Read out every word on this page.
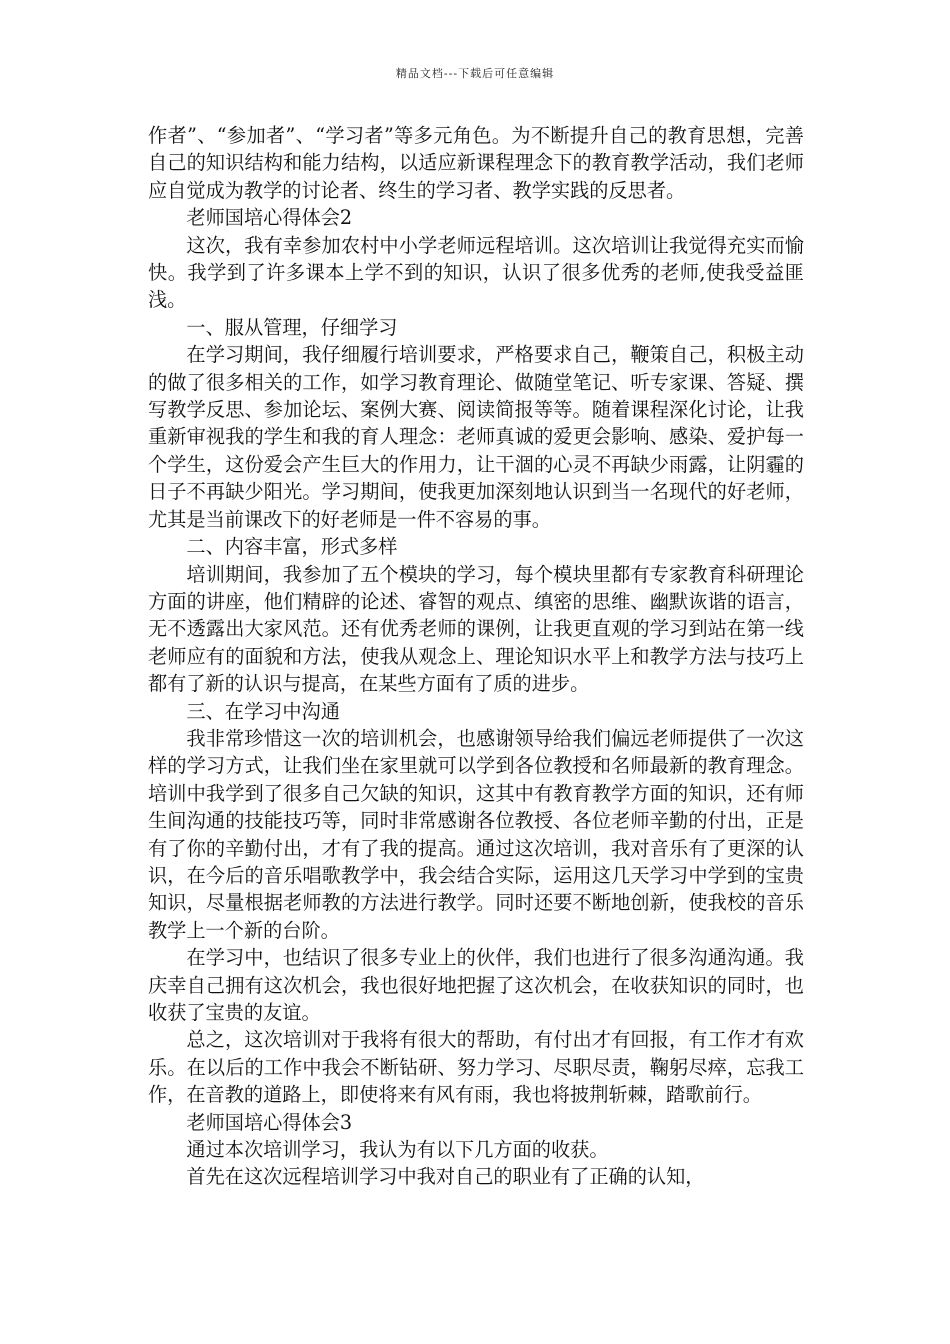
精品文档---下载后可任意编辑

作者”、“参加者”、“学习者”等多元角色。为不断提升自己的教育思想，完善自己的知识结构和能力结构，以适应新课程理念下的教育教学活动，我们老师应自觉成为教学的讨论者、终生的学习者、教学实践的反思者。

老师国培心得体会2

这次，我有幸参加农村中小学老师远程培训。这次培训让我觉得充实而愉快。我学到了许多课本上学不到的知识，认识了很多优秀的老师,使我受益匪浅。

一、服从管理，仔细学习

在学习期间，我仔细履行培训要求，严格要求自己，鞭策自己，积极主动的做了很多相关的工作，如学习教育理论、做随堂笔记、听专家课、答疑、撰写教学反思、参加论坛、案例大赛、阅读简报等等。随着课程深化讨论，让我重新审视我的学生和我的育人理念：老师真诚的爱更会影响、感染、爱护每一个学生，这份爱会产生巨大的作用力，让干涸的心灵不再缺少雨露，让阴霾的日子不再缺少阳光。学习期间，使我更加深刻地认识到当一名现代的好老师，尤其是当前课改下的好老师是一件不容易的事。

二、内容丰富，形式多样

培训期间，我参加了五个模块的学习，每个模块里都有专家教育科研理论方面的讲座，他们精辟的论述、睿智的观点、缜密的思维、幽默诙谐的语言，无不透露出大家风范。还有优秀老师的课例，让我更直观的学习到站在第一线老师应有的面貌和方法，使我从观念上、理论知识水平上和教学方法与技巧上都有了新的认识与提高，在某些方面有了质的进步。

三、在学习中沟通

我非常珍惜这一次的培训机会，也感谢领导给我们偏远老师提供了一次这样的学习方式，让我们坐在家里就可以学到各位教授和名师最新的教育理念。培训中我学到了很多自己欠缺的知识，这其中有教育教学方面的知识，还有师生间沟通的技能技巧等，同时非常感谢各位教授、各位老师辛勤的付出，正是有了你的辛勤付出，才有了我的提高。通过这次培训，我对音乐有了更深的认识，在今后的音乐唱歌教学中，我会结合实际，运用这几天学习中学到的宝贵知识，尽量根据老师教的方法进行教学。同时还要不断地创新，使我校的音乐教学上一个新的台阶。

在学习中，也结识了很多专业上的伙伴，我们也进行了很多沟通沟通。我庆幸自己拥有这次机会，我也很好地把握了这次机会，在收获知识的同时，也收获了宝贵的友谊。

总之，这次培训对于我将有很大的帮助，有付出才有回报，有工作才有欢乐。在以后的工作中我会不断钻研、努力学习、尽职尽责，鞠躬尽瘁，忘我工作，在音教的道路上，即使将来有风有雨，我也将披荆斩棘，踏歌前行。

老师国培心得体会3

通过本次培训学习，我认为有以下几方面的收获。

首先在这次远程培训学习中我对自己的职业有了正确的认知，
